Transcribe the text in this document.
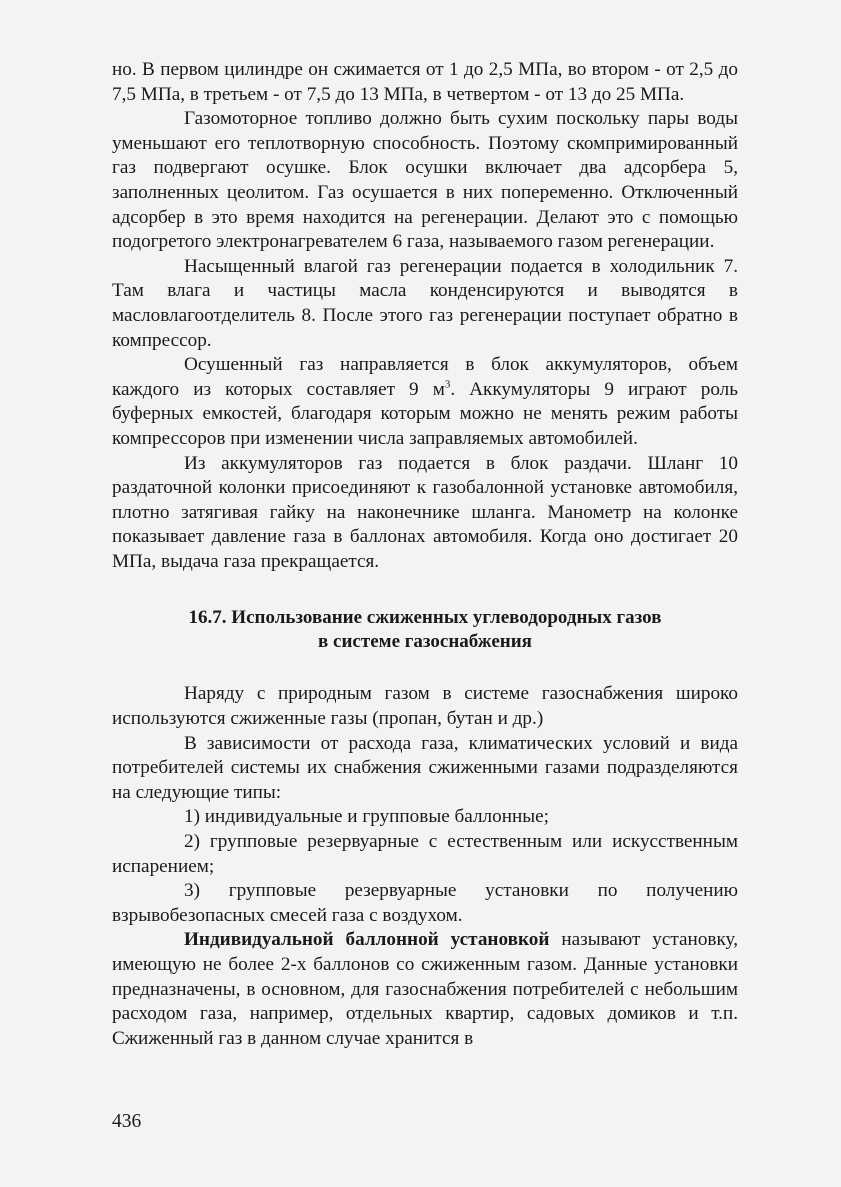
но. В первом цилиндре он сжимается от 1 до 2,5 МПа, во втором - от 2,5 до 7,5 МПа, в третьем - от 7,5 до 13 МПа, в четвертом - от 13 до 25 МПа.

Газомоторное топливо должно быть сухим поскольку пары воды уменьшают его теплотворную способность. Поэтому скомпримированный газ подвергают осушке. Блок осушки включает два адсорбера 5, заполненных цеолитом. Газ осушается в них попеременно. Отключенный адсорбер в это время находится на регенерации. Делают это с помощью подогретого электронагревателем 6 газа, называемого газом регенерации.

Насыщенный влагой газ регенерации подается в холодильник 7. Там влага и частицы масла конденсируются и выводятся в масловлагоотделитель 8. После этого газ регенерации поступает обратно в компрессор.

Осушенный газ направляется в блок аккумуляторов, объем каждого из которых составляет 9 $м^3$. Аккумуляторы 9 играют роль буферных емкостей, благодаря которым можно не менять режим работы компрессоров при изменении числа заправляемых автомобилей.

Из аккумуляторов газ подается в блок раздачи. Шланг 10 раздаточной колонки присоединяют к газобалонной установке автомобиля, плотно затягивая гайку на наконечнике шланга. Манометр на колонке показывает давление газа в баллонах автомобиля. Когда оно достигает 20 МПа, выдача газа прекращается.

16.7. Использование сжиженных углеводородных газов
в системе газоснабжения

Наряду с природным газом в системе газоснабжения широко используются сжиженные газы (пропан, бутан и др.)

В зависимости от расхода газа, климатических условий и вида потребителей системы их снабжения сжиженными газами подразделяются на следующие типы:

1) индивидуальные и групповые баллонные;

2) групповые резервуарные с естественным или искусственным испарением;

3) групповые резервуарные установки по получению взрывобезопасных смесей газа с воздухом.

Индивидуальной баллонной установкой называют установку, имеющую не более 2-х баллонов со сжиженным газом. Данные установки предназначены, в основном, для газоснабжения потребителей с небольшим расходом газа, например, отдельных квартир, садовых домиков и т.п. Сжиженный газ в данном случае хранится в

436
